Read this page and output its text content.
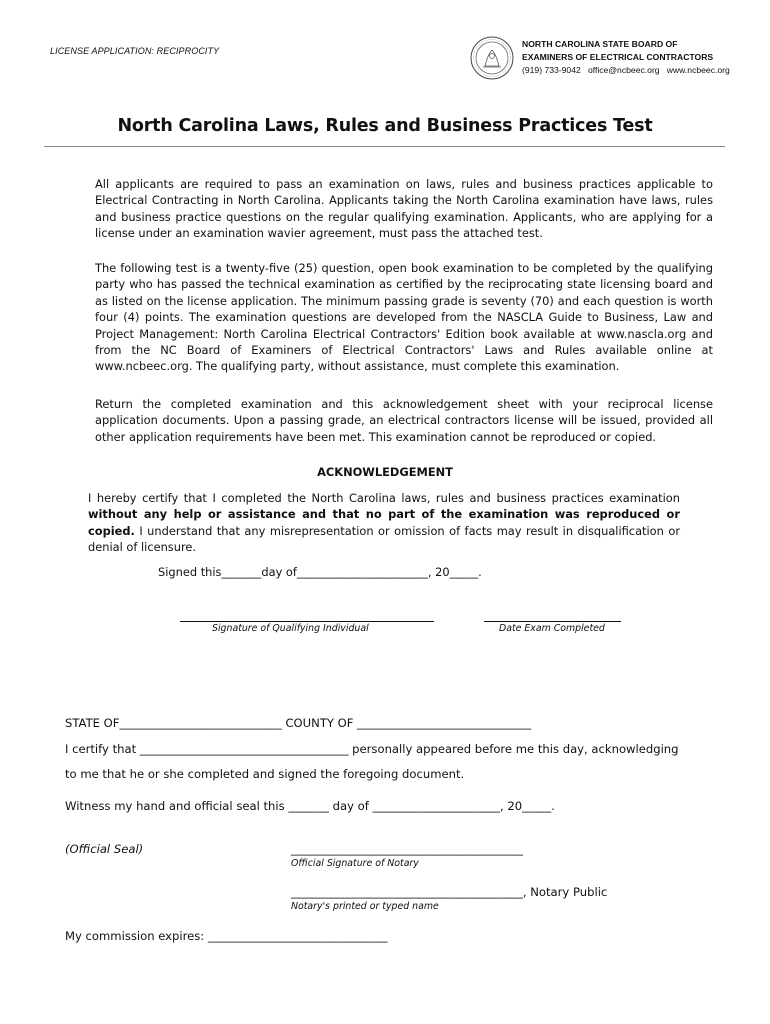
LICENSE APPLICATION: RECIPROCITY
NORTH CAROLINA STATE BOARD OF
EXAMINERS OF ELECTRICAL CONTRACTORS
(919) 733-9042 office@ncbeec.org www.ncbeec.org
North Carolina Laws, Rules and Business Practices Test
All applicants are required to pass an examination on laws, rules and business practices applicable to Electrical Contracting in North Carolina. Applicants taking the North Carolina examination have laws, rules and business practice questions on the regular qualifying examination. Applicants, who are applying for a license under an examination wavier agreement, must pass the attached test.
The following test is a twenty-five (25) question, open book examination to be completed by the qualifying party who has passed the technical examination as certified by the reciprocating state licensing board and as listed on the license application. The minimum passing grade is seventy (70) and each question is worth four (4) points. The examination questions are developed from the NASCLA Guide to Business, Law and Project Management: North Carolina Electrical Contractors' Edition book available at www.nascla.org and from the NC Board of Examiners of Electrical Contractors' Laws and Rules available online at www.ncbeec.org. The qualifying party, without assistance, must complete this examination.
Return the completed examination and this acknowledgement sheet with your reciprocal license application documents. Upon a passing grade, an electrical contractors license will be issued, provided all other application requirements have been met. This examination cannot be reproduced or copied.
ACKNOWLEDGEMENT
I hereby certify that I completed the North Carolina laws, rules and business practices examination without any help or assistance and that no part of the examination was reproduced or copied. I understand that any misrepresentation or omission of facts may result in disqualification or denial of licensure.
Signed this_______day of_______________________, 20_____.
Signature of Qualifying Individual	Date Exam Completed
STATE OF____________________________ COUNTY OF ______________________________
I certify that ____________________________________ personally appeared before me this day, acknowledging
to me that he or she completed and signed the foregoing document.
Witness my hand and official seal this _______ day of ______________________, 20_____.
(Official Seal)	________________________________________
Official Signature of Notary
________________________________________, Notary Public
Notary's printed or typed name
My commission expires: _______________________________
